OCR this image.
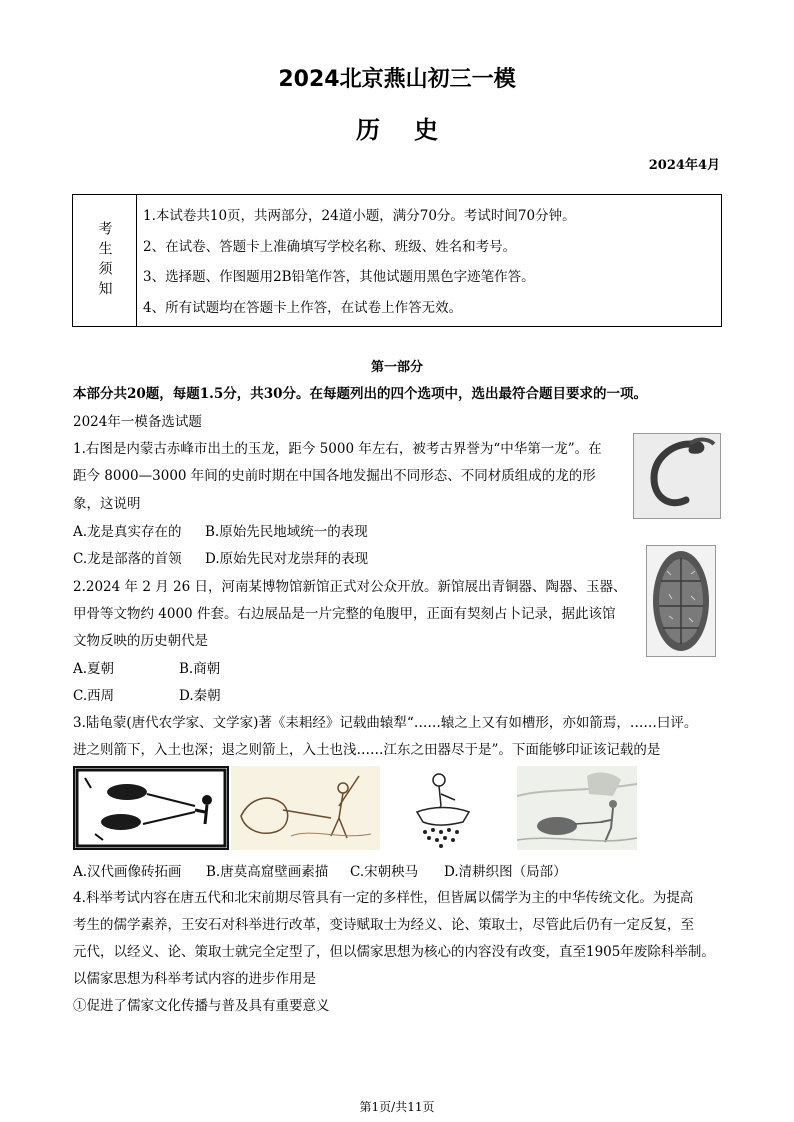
2024北京燕山初三一模
历史
2024年4月
考生须知
1.本试卷共10页，共两部分，24道小题，满分70分。考试时间70分钟。
2、在试卷、答题卡上准确填写学校名称、班级、姓名和考号。
3、选择题、作图题用2B铅笔作答，其他试题用黑色字迹笔作答。
4、所有试题均在答题卡上作答，在试卷上作答无效。
第一部分
本部分共20题，每题1.5分，共30分。在每题列出的四个选项中，选出最符合题目要求的一项。
2024年一模备选试题
1.右图是内蒙古赤峰市出土的玉龙，距今 5000 年左右，被考古界誉为“中华第一龙”。在
距今 8000—3000 年间的史前时期在中国各地发掘出不同形态、不同材质组成的龙的形
象，这说明
A.龙是真实存在的 B.原始先民地域统一的表现
C.龙是部落的首领 D.原始先民对龙崇拜的表现
2.2024 年 2 月 26 日，河南某博物馆新馆正式对公众开放。新馆展出青铜器、陶器、玉器、
甲骨等文物约 4000 件套。右边展品是一片完整的龟腹甲，正面有契刻占卜记录，据此该馆
文物反映的历史朝代是
A.夏朝	B.商朝
C.西周	D.秦朝
3.陆龟蒙(唐代农学家、文学家)著《耒耜经》记载曲辕犁“……辕之上又有如槽形，亦如箭焉，……曰评。
进之则箭下，入土也深；退之则箭上，入土也浅……江东之田器尽于是”。下面能够印证该记载的是
A.汉代画像砖拓画 B.唐莫高窟壁画素描 C.宋朝秧马 D.清耕织图（局部）
4.科举考试内容在唐五代和北宋前期尽管具有一定的多样性，但皆属以儒学为主的中华传统文化。为提高
考生的儒学素养，王安石对科举进行改革，变诗赋取士为经义、论、策取士，尽管此后仍有一定反复，至
元代，以经义、论、策取士就完全定型了，但以儒家思想为核心的内容没有改变，直至1905年废除科举制。
以儒家思想为科举考试内容的进步作用是
①促进了儒家文化传播与普及具有重要意义
第1页/共11页
